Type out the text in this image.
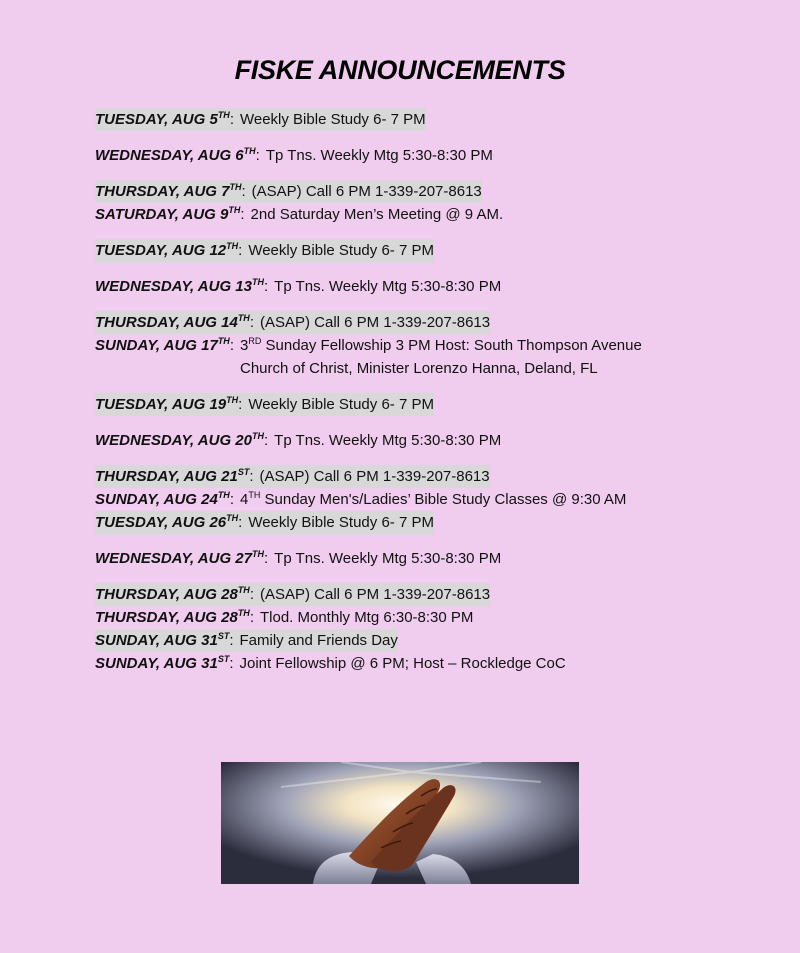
FISKE ANNOUNCEMENTS
TUESDAY, AUG 5TH: Weekly Bible Study 6- 7 PM
WEDNESDAY, AUG 6TH: Tp Tns. Weekly Mtg 5:30-8:30 PM
THURSDAY, AUG 7TH: (ASAP) Call 6 PM 1-339-207-8613
SATURDAY, AUG 9TH: 2nd Saturday Men’s Meeting @ 9 AM.
TUESDAY, AUG 12TH: Weekly Bible Study 6- 7 PM
WEDNESDAY, AUG 13TH: Tp Tns. Weekly Mtg 5:30-8:30 PM
THURSDAY, AUG 14TH: (ASAP) Call 6 PM 1-339-207-8613
SUNDAY, AUG 17TH: 3RD Sunday Fellowship 3 PM Host: South Thompson Avenue Church of Christ, Minister Lorenzo Hanna, Deland, FL
TUESDAY, AUG 19TH: Weekly Bible Study 6- 7 PM
WEDNESDAY, AUG 20TH: Tp Tns. Weekly Mtg 5:30-8:30 PM
THURSDAY, AUG 21ST: (ASAP) Call 6 PM 1-339-207-8613
SUNDAY, AUG 24TH: 4TH Sunday Men's/Ladies’ Bible Study Classes @ 9:30 AM
TUESDAY, AUG 26TH: Weekly Bible Study 6- 7 PM
WEDNESDAY, AUG 27TH: Tp Tns. Weekly Mtg 5:30-8:30 PM
THURSDAY, AUG 28TH: (ASAP) Call 6 PM 1-339-207-8613
THURSDAY, AUG 28TH: Tlod. Monthly Mtg 6:30-8:30 PM
SUNDAY, AUG 31ST: Family and Friends Day
SUNDAY, AUG 31ST: Joint Fellowship @ 6 PM; Host – Rockledge CoC
